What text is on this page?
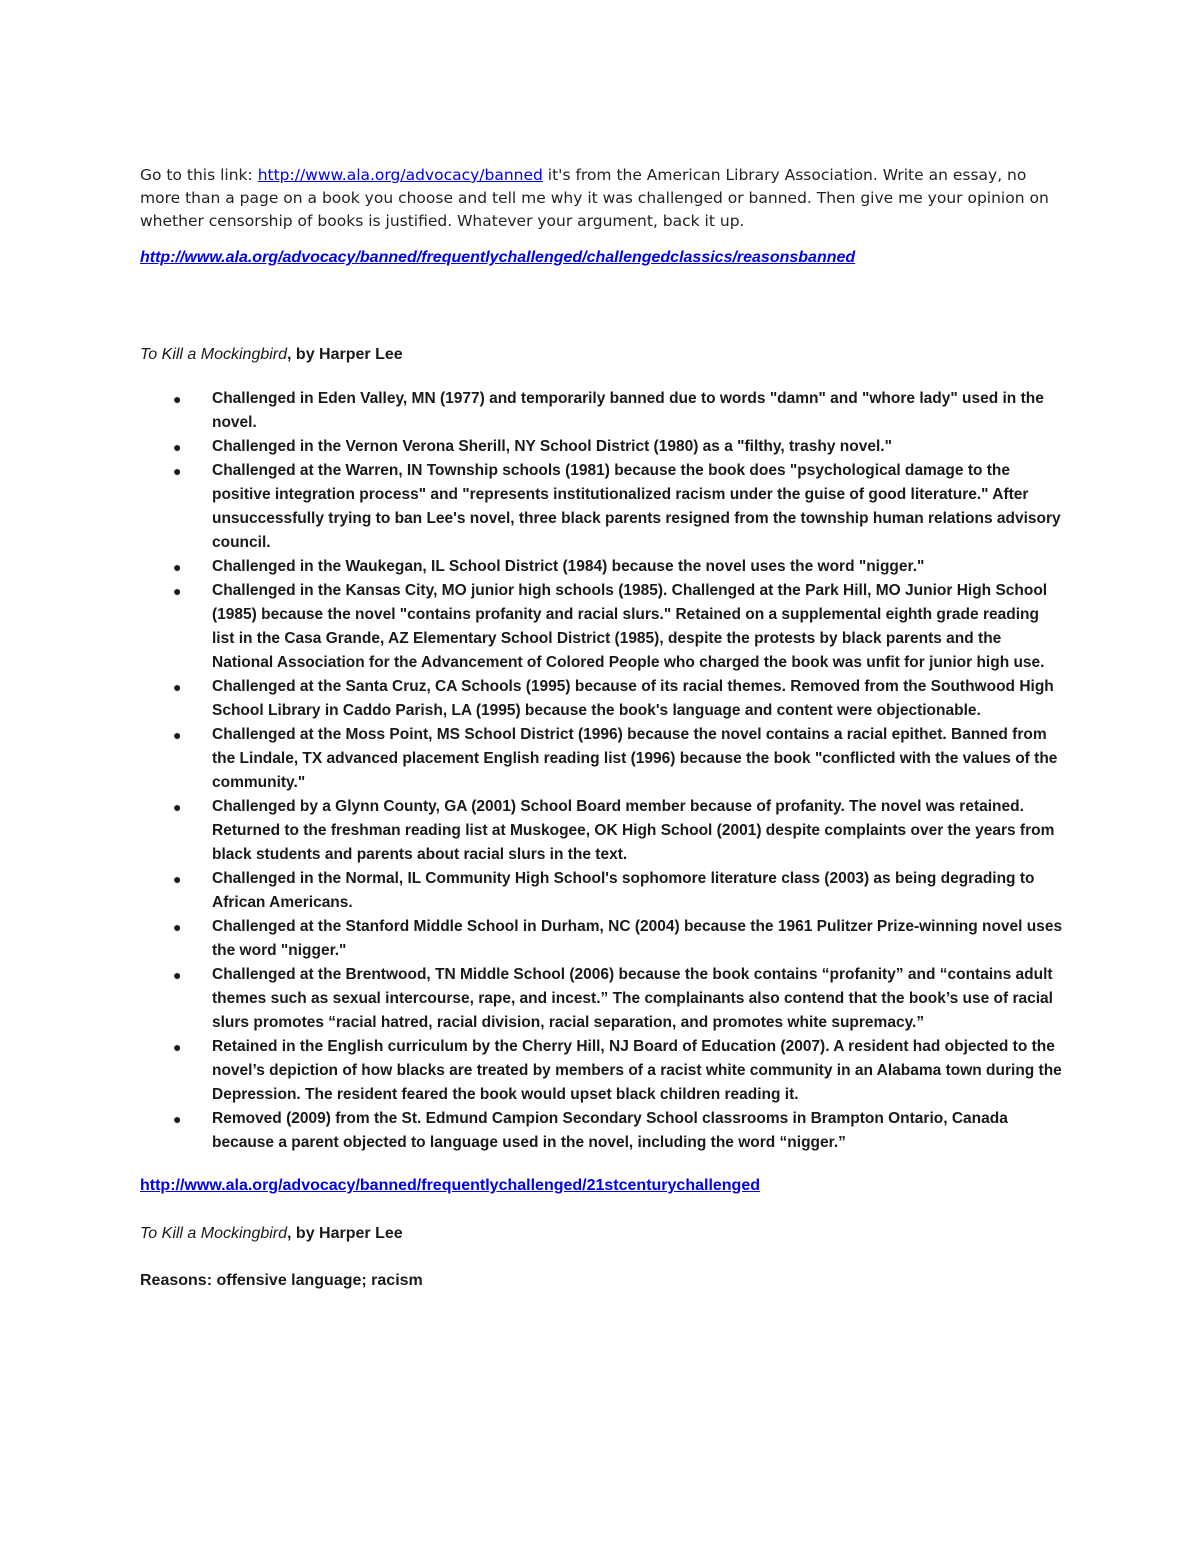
Go to this link: http://www.ala.org/advocacy/banned it's from the American Library Association. Write an essay, no more than a page on a book you choose and tell me why it was challenged or banned. Then give me your opinion on whether censorship of books is justified. Whatever your argument, back it up.

http://www.ala.org/advocacy/banned/frequentlychallenged/challengedclassics/reasonsbanned

To Kill a Mockingbird, by Harper Lee

● Challenged in Eden Valley, MN (1977) and temporarily banned due to words "damn" and "whore lady" used in the novel.
● Challenged in the Vernon Verona Sherill, NY School District (1980) as a "filthy, trashy novel."
● Challenged at the Warren, IN Township schools (1981) because the book does "psychological damage to the positive integration process" and "represents institutionalized racism under the guise of good literature." After unsuccessfully trying to ban Lee's novel, three black parents resigned from the township human relations advisory council.
● Challenged in the Waukegan, IL School District (1984) because the novel uses the word "nigger."
● Challenged in the Kansas City, MO junior high schools (1985). Challenged at the Park Hill, MO Junior High School (1985) because the novel "contains profanity and racial slurs." Retained on a supplemental eighth grade reading list in the Casa Grande, AZ Elementary School District (1985), despite the protests by black parents and the National Association for the Advancement of Colored People who charged the book was unfit for junior high use.
● Challenged at the Santa Cruz, CA Schools (1995) because of its racial themes. Removed from the Southwood High School Library in Caddo Parish, LA (1995) because the book's language and content were objectionable.
● Challenged at the Moss Point, MS School District (1996) because the novel contains a racial epithet. Banned from the Lindale, TX advanced placement English reading list (1996) because the book "conflicted with the values of the community."
● Challenged by a Glynn County, GA (2001) School Board member because of profanity. The novel was retained. Returned to the freshman reading list at Muskogee, OK High School (2001) despite complaints over the years from black students and parents about racial slurs in the text.
● Challenged in the Normal, IL Community High School's sophomore literature class (2003) as being degrading to African Americans.
● Challenged at the Stanford Middle School in Durham, NC (2004) because the 1961 Pulitzer Prize-winning novel uses the word "nigger."
● Challenged at the Brentwood, TN Middle School (2006) because the book contains “profanity” and “contains adult themes such as sexual intercourse, rape, and incest.” The complainants also contend that the book’s use of racial slurs promotes “racial hatred, racial division, racial separation, and promotes white supremacy.”
● Retained in the English curriculum by the Cherry Hill, NJ Board of Education (2007). A resident had objected to the novel’s depiction of how blacks are treated by members of a racist white community in an Alabama town during the Depression. The resident feared the book would upset black children reading it.
● Removed (2009) from the St. Edmund Campion Secondary School classrooms in Brampton Ontario, Canada because a parent objected to language used in the novel, including the word “nigger.”

http://www.ala.org/advocacy/banned/frequentlychallenged/21stcenturychallenged

To Kill a Mockingbird, by Harper Lee

Reasons: offensive language; racism
